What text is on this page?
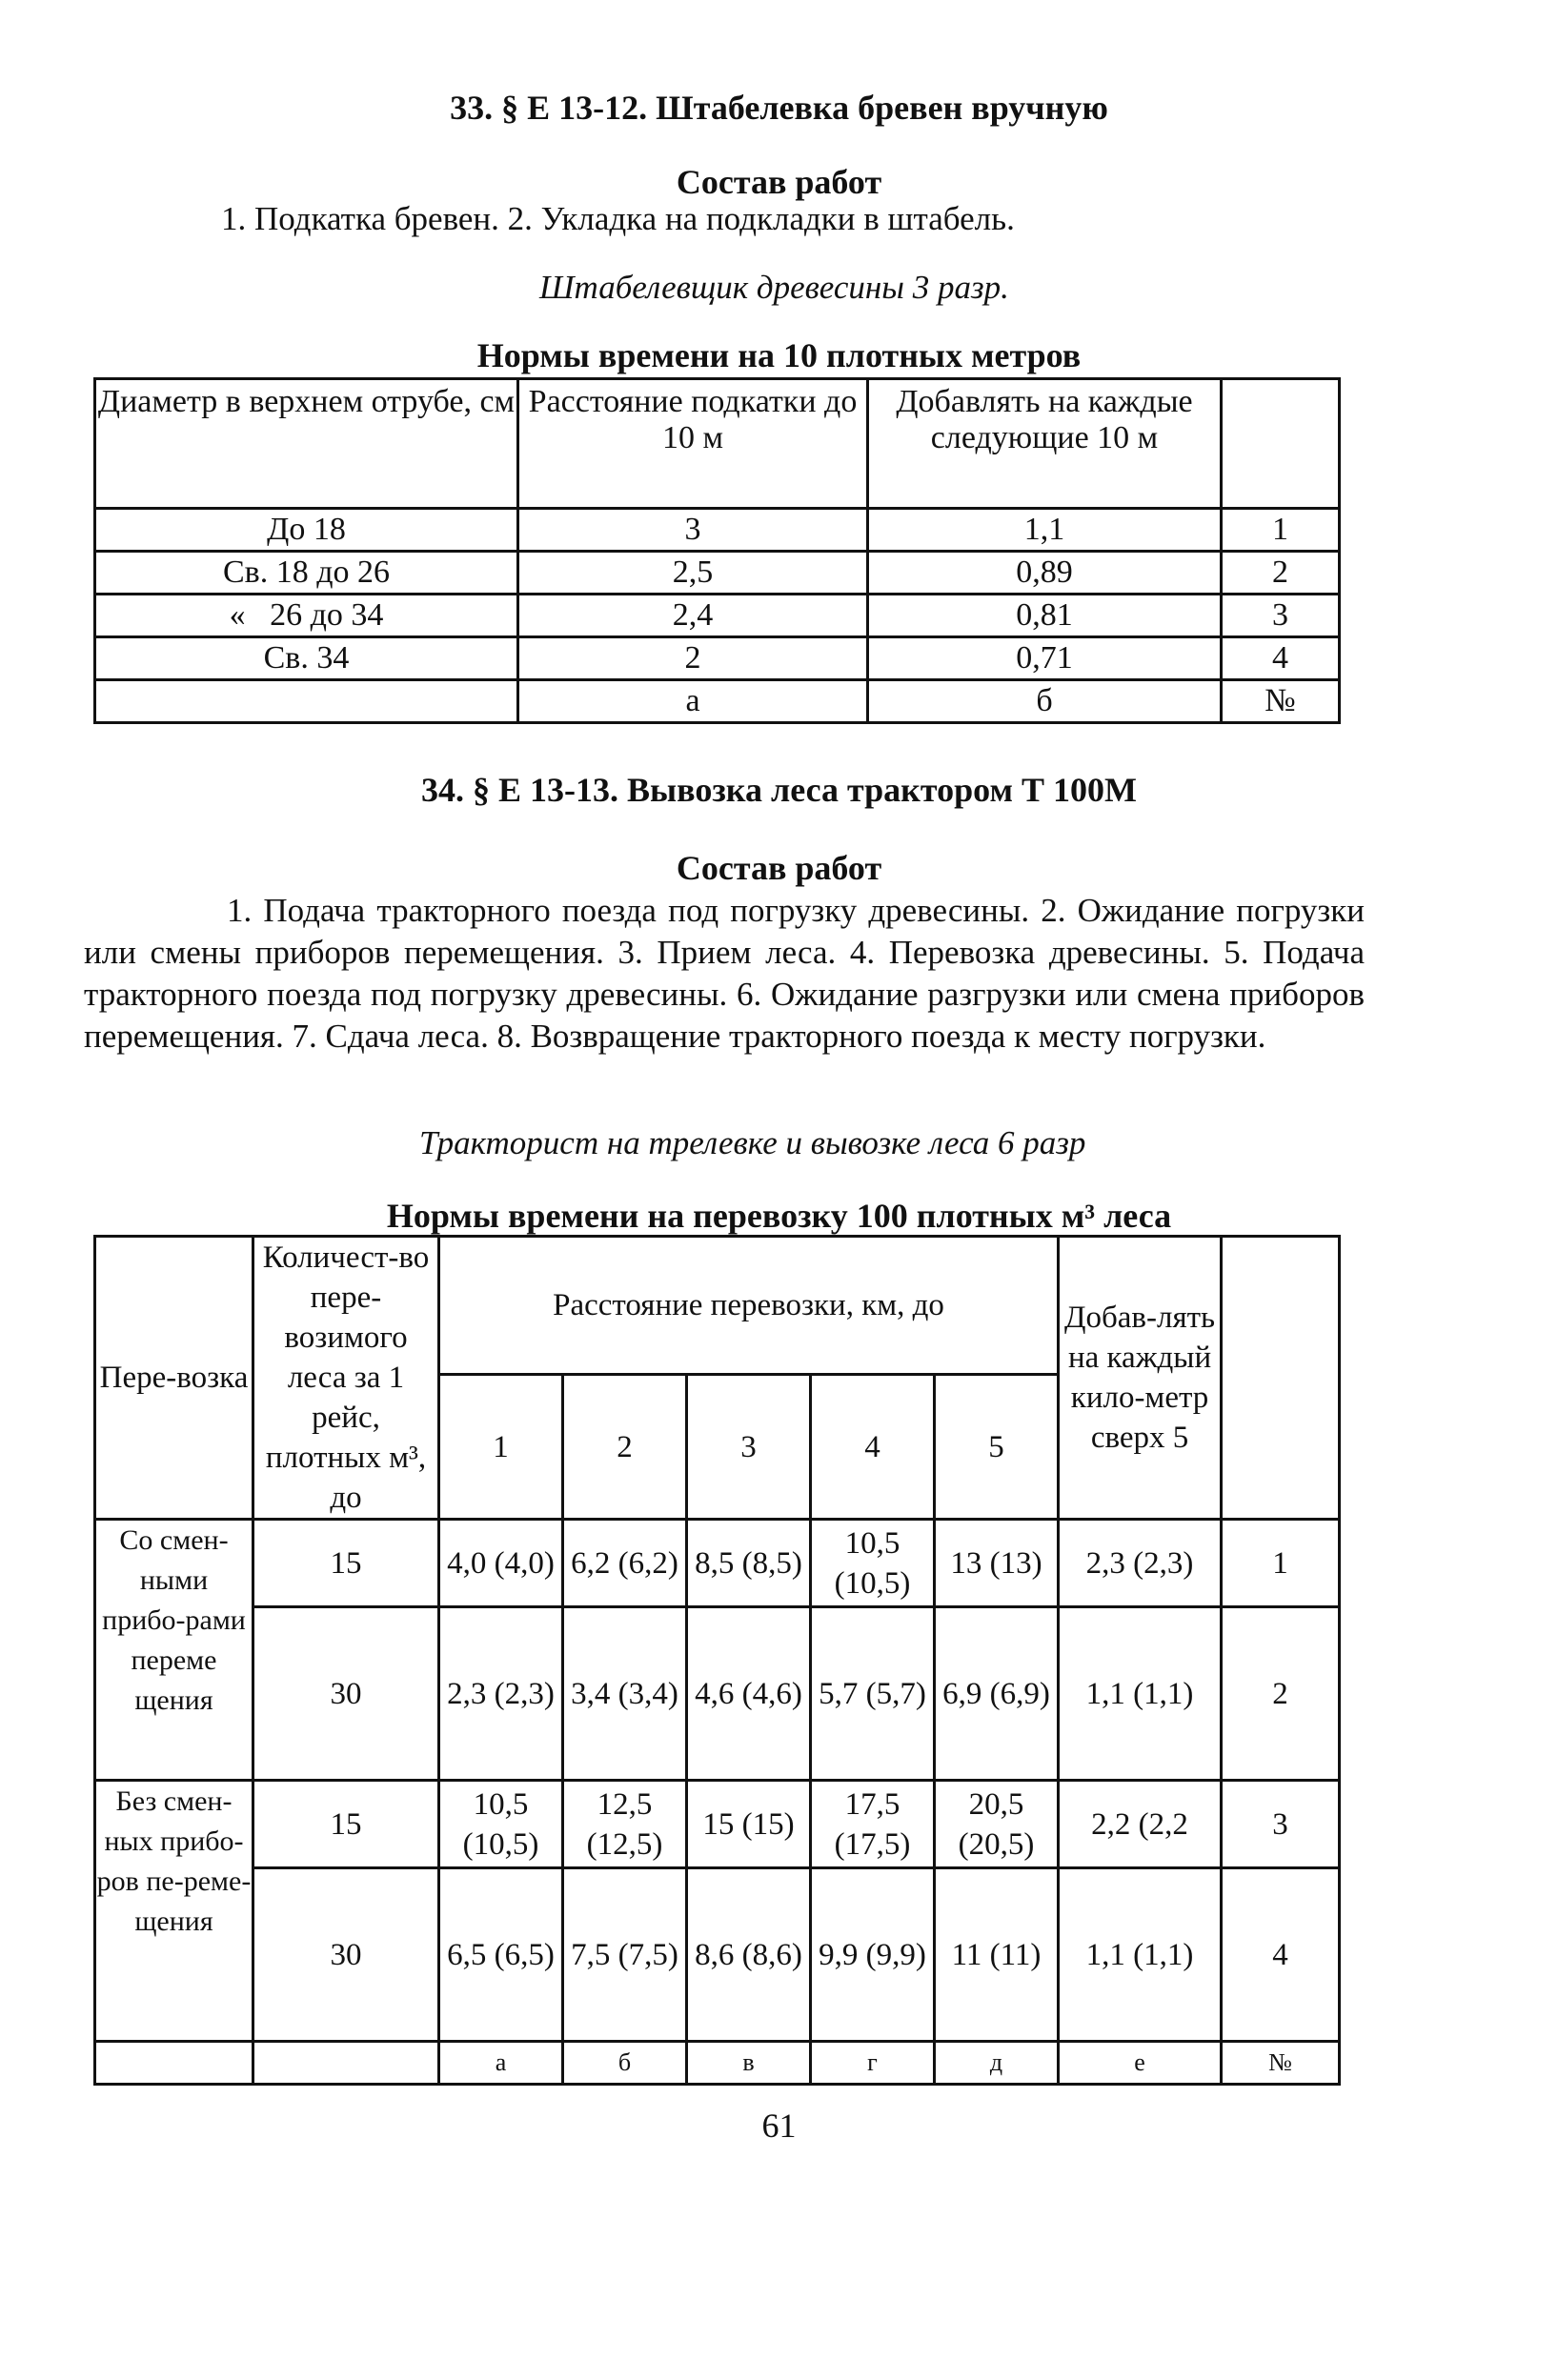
33. § Е 13-12. Штабелевка бревен вручную
Состав работ
1. Подкатка бревен. 2. Укладка на подкладки в штабель.
Штабелевщик древесины 3 разр.
Нормы времени на 10 плотных метров
Диаметр в верхнем отрубе, см	Расстояние подкатки до 10 м	Добавлять на каждые следующие 10 м	
До 18	3	1,1	1
Св. 18 до 26	2,5	0,89	2
«   26 до 34	2,4	0,81	3
Св. 34	2	0,71	4
	а	б	№
34. § Е 13-13. Вывозка леса трактором Т 100М
Состав работ
1. Подача тракторного поезда под погрузку древесины. 2. Ожидание погрузки или смены приборов перемещения. 3. Прием леса. 4. Перевозка древесины. 5. Подача тракторного поезда под погрузку древесины. 6. Ожидание разгрузки или смена приборов перемещения. 7. Сдача леса. 8. Возвращение тракторного поезда к месту погрузки.
Тракторист на трелевке и вывозке леса 6 разр
Нормы времени на перевозку 100 плотных м³ леса
Пере-возка	Количест-во пере-возимого леса за 1 рейс, плотных м³, до	Расстояние перевозки, км, до					Добав-лять на каждый кило-метр сверх 5	
		1	2	3	4	5		
Со смен-ными прибо-рами переме щения	15	4,0 (4,0)	6,2 (6,2)	8,5 (8,5)	10,5 (10,5)	13 (13)	2,3 (2,3)	1
	30	2,3 (2,3)	3,4 (3,4)	4,6 (4,6)	5,7 (5,7)	6,9 (6,9)	1,1 (1,1)	2
Без смен-ных прибо-ров пе-реме-щения	15	10,5 (10,5)	12,5 (12,5)	15 (15)	17,5 (17,5)	20,5 (20,5)	2,2 (2,2	3
	30	6,5 (6,5)	7,5 (7,5)	8,6 (8,6)	9,9 (9,9)	11 (11)	1,1 (1,1)	4
		а	б	в	г	д	е	№
61
